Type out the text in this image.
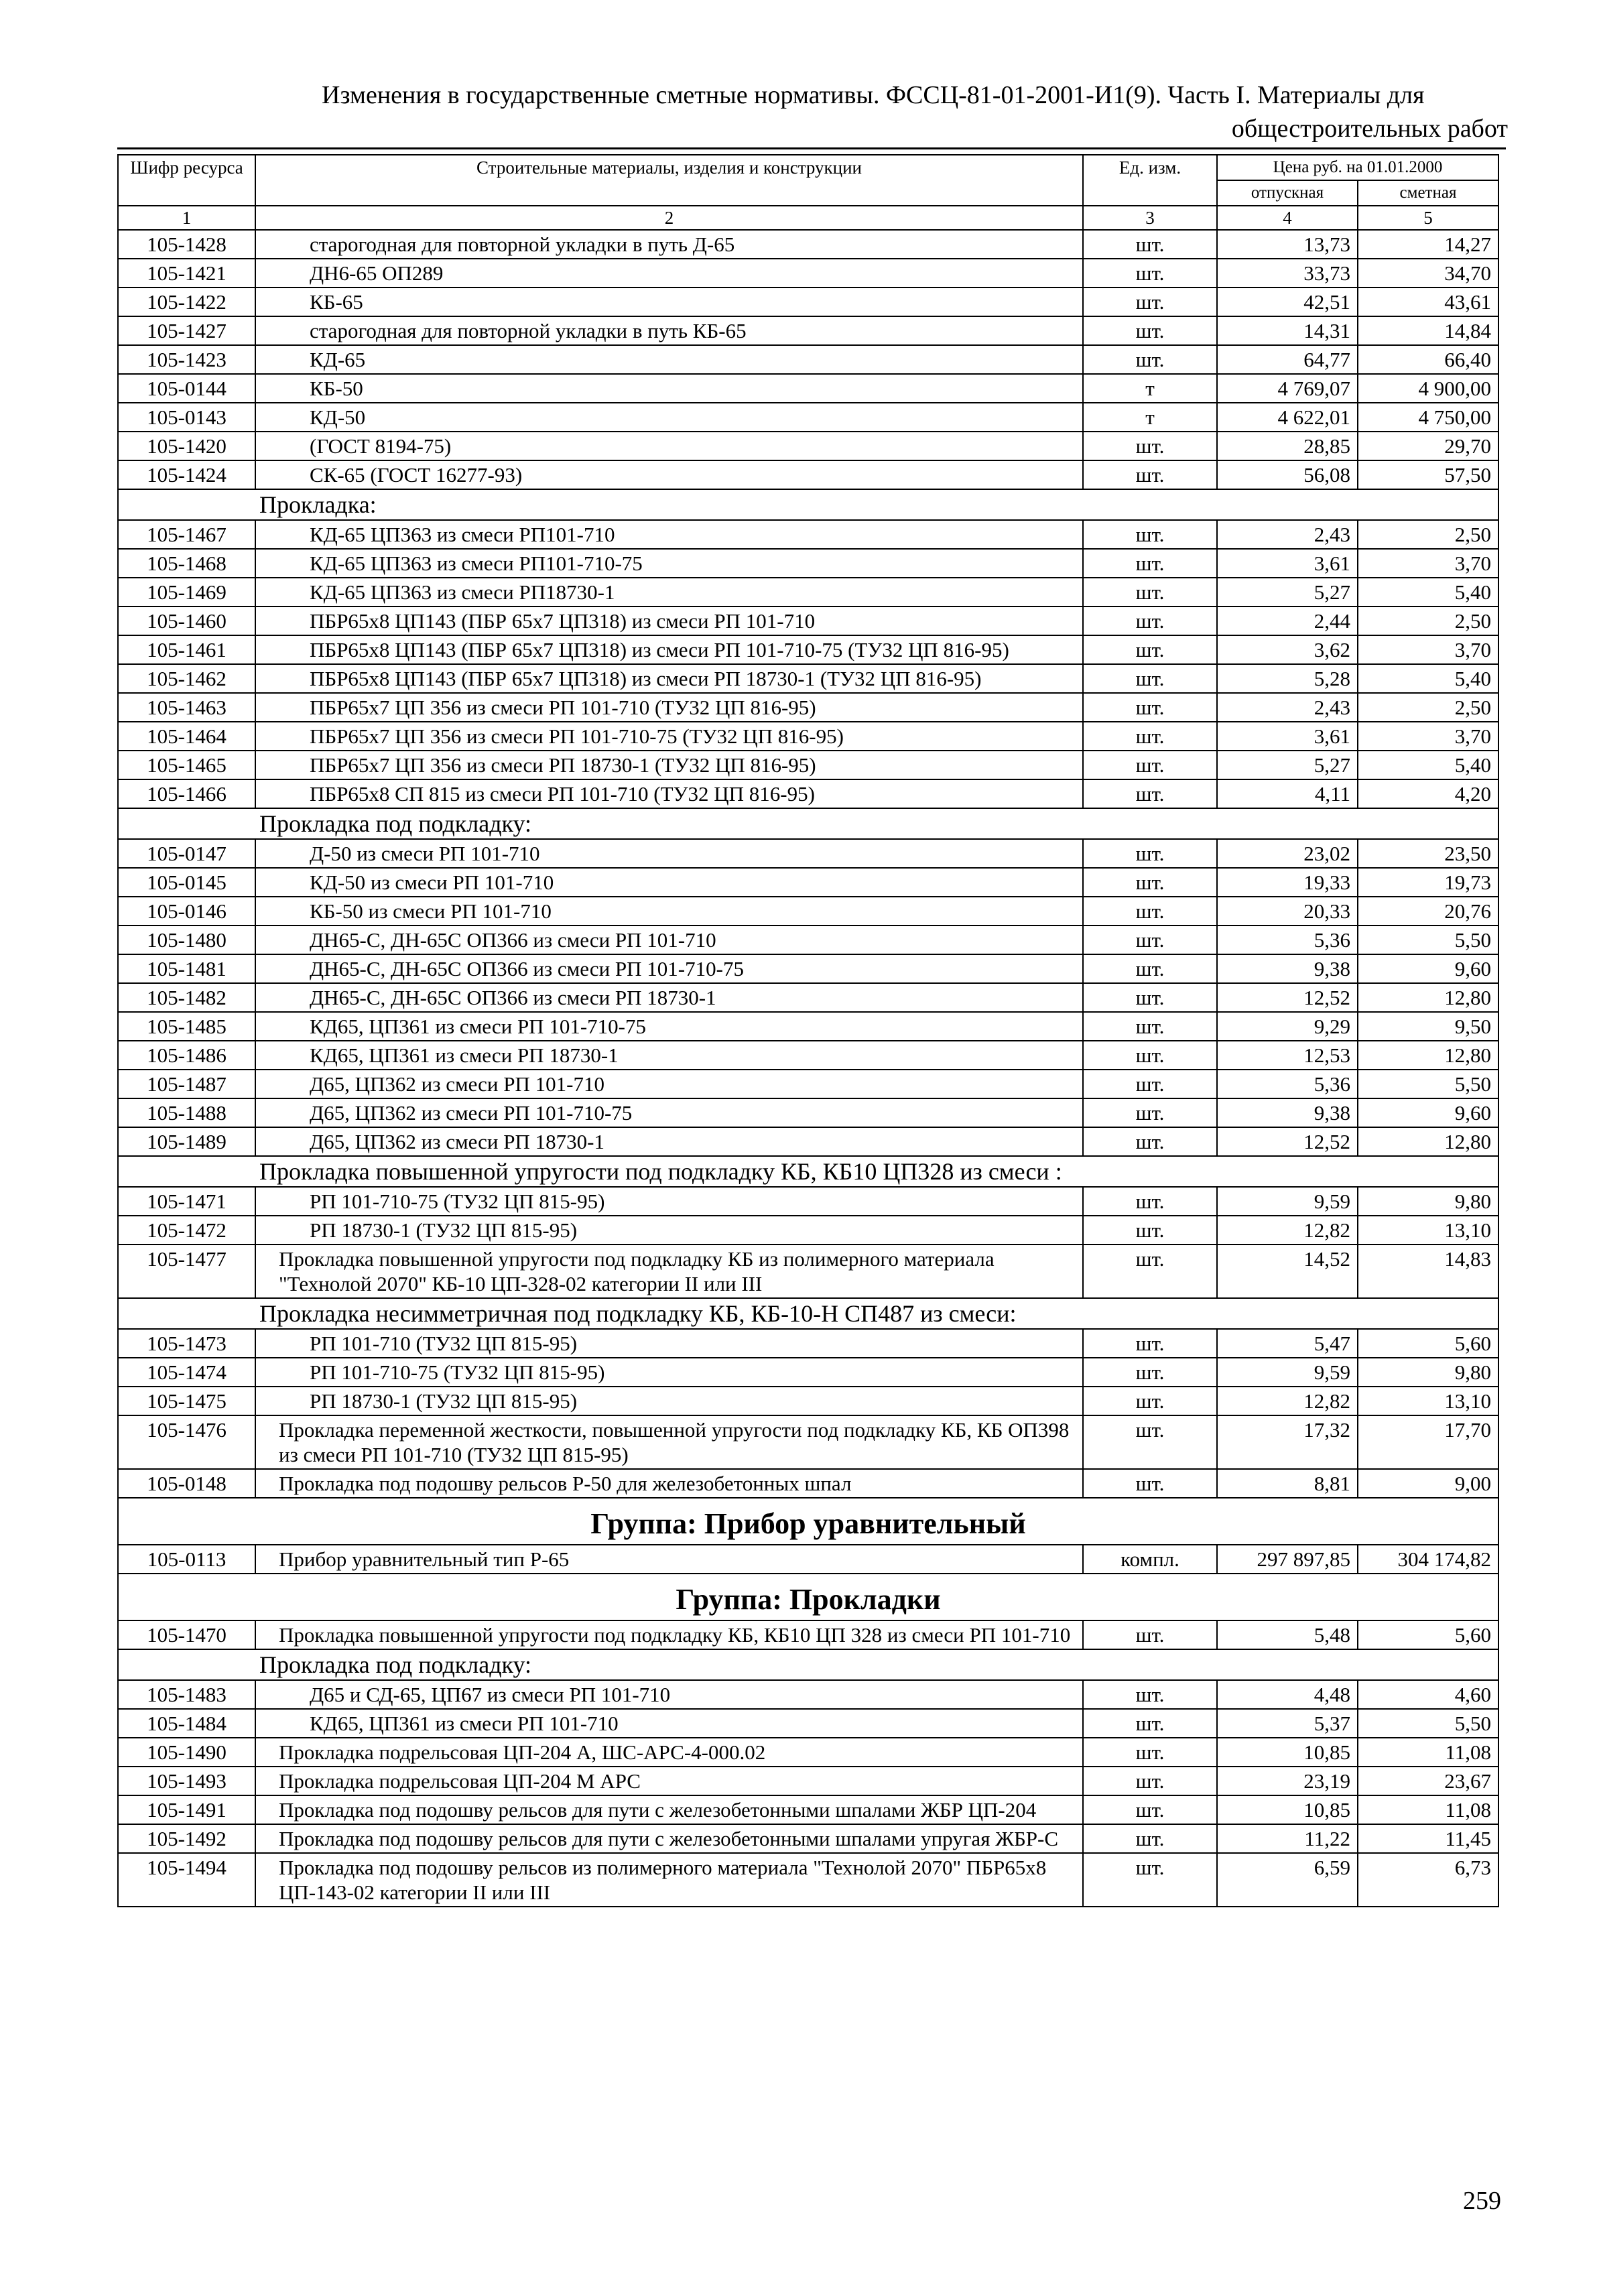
Изменения в государственные сметные нормативы. ФССЦ-81-01-2001-И1(9). Часть I. Материалы для
общестроительных работ
Шифр ресурса	Строительные материалы, изделия и конструкции	Ед. изм.	Цена руб. на 01.01.2000	
			отпускная	сметная
1	2	3	4	5
105-1428	старогодная для повторной укладки в путь Д-65	шт.	13,73	14,27
105-1421	ДН6-65 ОП289	шт.	33,73	34,70
105-1422	КБ-65	шт.	42,51	43,61
105-1427	старогодная для повторной укладки в путь КБ-65	шт.	14,31	14,84
105-1423	КД-65	шт.	64,77	66,40
105-0144	КБ-50	т	4 769,07	4 900,00
105-0143	КД-50	т	4 622,01	4 750,00
105-1420	(ГОСТ 8194-75)	шт.	28,85	29,70
105-1424	СК-65 (ГОСТ 16277-93)	шт.	56,08	57,50
Прокладка:				
105-1467	КД-65 ЦП363 из смеси РП101-710	шт.	2,43	2,50
105-1468	КД-65 ЦП363 из смеси РП101-710-75	шт.	3,61	3,70
105-1469	КД-65 ЦП363 из смеси РП18730-1	шт.	5,27	5,40
105-1460	ПБР65х8 ЦП143 (ПБР 65х7 ЦП318) из смеси РП 101-710	шт.	2,44	2,50
105-1461	ПБР65х8 ЦП143 (ПБР 65х7 ЦП318) из смеси РП 101-710-75 (ТУ32 ЦП 816-95)	шт.	3,62	3,70
105-1462	ПБР65х8 ЦП143 (ПБР 65х7 ЦП318) из смеси РП 18730-1 (ТУ32 ЦП 816-95)	шт.	5,28	5,40
105-1463	ПБР65х7 ЦП 356 из смеси РП 101-710 (ТУ32 ЦП 816-95)	шт.	2,43	2,50
105-1464	ПБР65х7 ЦП 356 из смеси РП 101-710-75 (ТУ32 ЦП 816-95)	шт.	3,61	3,70
105-1465	ПБР65х7 ЦП 356 из смеси РП 18730-1 (ТУ32 ЦП 816-95)	шт.	5,27	5,40
105-1466	ПБР65х8 СП 815 из смеси РП 101-710 (ТУ32 ЦП 816-95)	шт.	4,11	4,20
Прокладка под подкладку:				
105-0147	Д-50 из смеси РП 101-710	шт.	23,02	23,50
105-0145	КД-50 из смеси РП 101-710	шт.	19,33	19,73
105-0146	КБ-50 из смеси РП 101-710	шт.	20,33	20,76
105-1480	ДН65-С, ДН-65С ОП366 из смеси РП 101-710	шт.	5,36	5,50
105-1481	ДН65-С, ДН-65С ОП366 из смеси РП 101-710-75	шт.	9,38	9,60
105-1482	ДН65-С, ДН-65С ОП366 из смеси РП 18730-1	шт.	12,52	12,80
105-1485	КД65, ЦП361 из смеси РП 101-710-75	шт.	9,29	9,50
105-1486	КД65, ЦП361 из смеси РП 18730-1	шт.	12,53	12,80
105-1487	Д65, ЦП362 из смеси РП 101-710	шт.	5,36	5,50
105-1488	Д65, ЦП362 из смеси РП 101-710-75	шт.	9,38	9,60
105-1489	Д65, ЦП362 из смеси РП 18730-1	шт.	12,52	12,80
Прокладка повышенной упругости под подкладку КБ, КБ10 ЦП328 из смеси :				
105-1471	РП 101-710-75 (ТУ32 ЦП 815-95)	шт.	9,59	9,80
105-1472	РП 18730-1 (ТУ32 ЦП 815-95)	шт.	12,82	13,10
105-1477	Прокладка повышенной упругости под подкладку КБ из полимерного материала "Технолой 2070" КБ-10 ЦП-328-02 категории II или III	шт.	14,52	14,83
Прокладка несимметричная под подкладку КБ, КБ-10-Н СП487 из смеси:				
105-1473	РП 101-710 (ТУ32 ЦП 815-95)	шт.	5,47	5,60
105-1474	РП 101-710-75 (ТУ32 ЦП 815-95)	шт.	9,59	9,80
105-1475	РП 18730-1 (ТУ32 ЦП 815-95)	шт.	12,82	13,10
105-1476	Прокладка переменной жесткости, повышенной упругости под подкладку КБ, КБ ОП398 из смеси РП 101-710 (ТУ32 ЦП 815-95)	шт.	17,32	17,70
105-0148	Прокладка под подошву рельсов Р-50 для железобетонных шпал	шт.	8,81	9,00
Группа: Прибор уравнительный				
105-0113	Прибор уравнительный тип Р-65	компл.	297 897,85	304 174,82
Группа: Прокладки				
105-1470	Прокладка повышенной упругости под подкладку КБ, КБ10 ЦП 328 из смеси РП 101-710	шт.	5,48	5,60
Прокладка под подкладку:				
105-1483	Д65 и СД-65, ЦП67 из смеси РП 101-710	шт.	4,48	4,60
105-1484	КД65, ЦП361 из смеси РП 101-710	шт.	5,37	5,50
105-1490	Прокладка подрельсовая ЦП-204 А, ШС-АРС-4-000.02	шт.	10,85	11,08
105-1493	Прокладка подрельсовая ЦП-204 М АРС	шт.	23,19	23,67
105-1491	Прокладка под подошву рельсов для пути с железобетонными шпалами ЖБР ЦП-204	шт.	10,85	11,08
105-1492	Прокладка под подошву рельсов для пути с железобетонными шпалами упругая ЖБР-С	шт.	11,22	11,45
105-1494	Прокладка под подошву рельсов из полимерного материала "Технолой 2070" ПБР65х8 ЦП-143-02 категории II или III	шт.	6,59	6,73
259
